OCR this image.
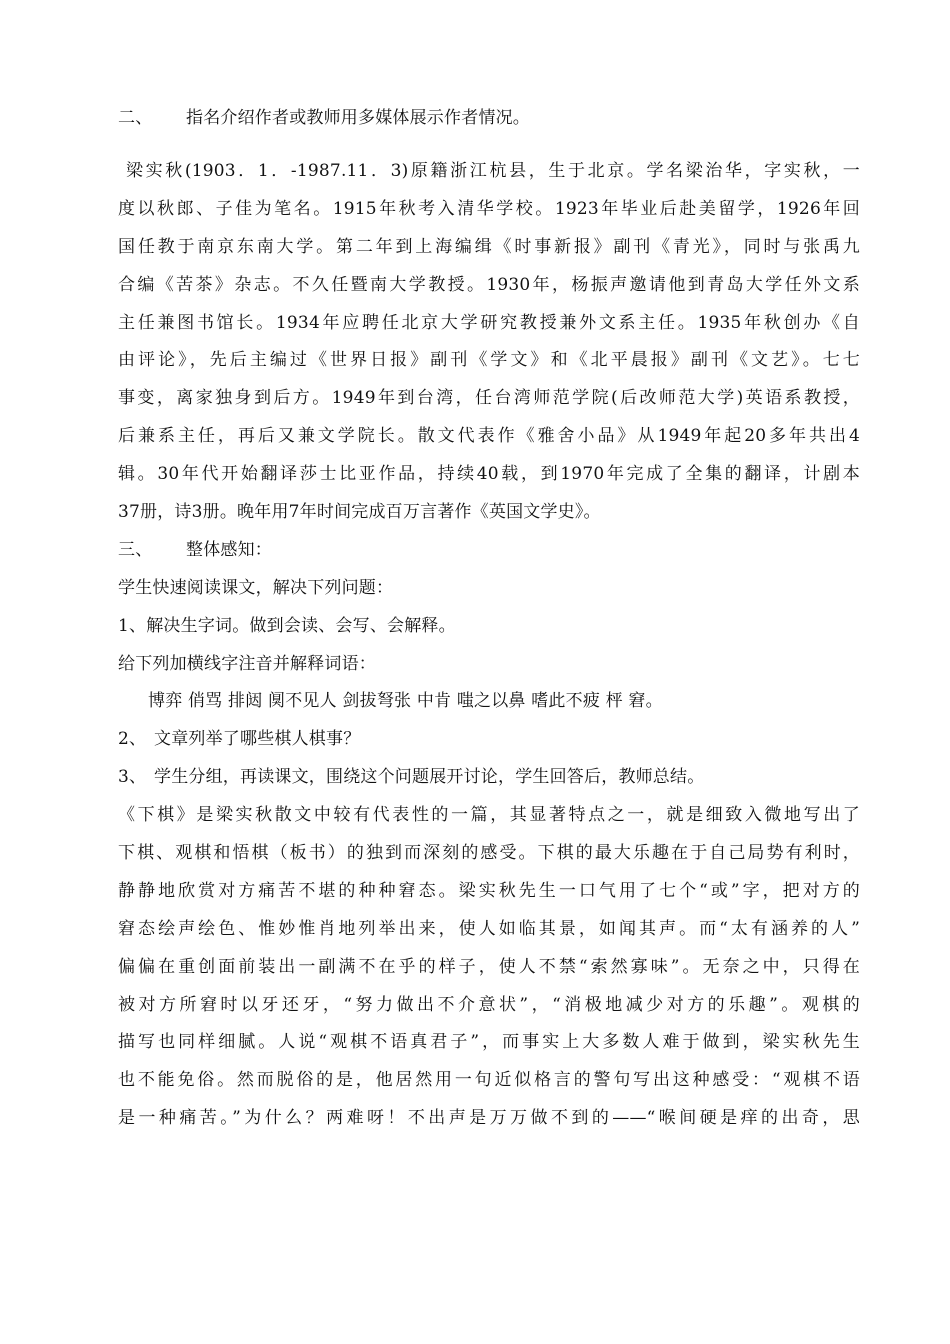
二、 指名介绍作者或教师用多媒体展示作者情况。
梁实秋(1903．1．-1987.11．3)原籍浙江杭县，生于北京。学名梁治华，字实秋，一
度以秋郎、子佳为笔名。1915年秋考入清华学校。1923年毕业后赴美留学，1926年回
国任教于南京东南大学。第二年到上海编缉《时事新报》副刊《青光》，同时与张禹九
合编《苦茶》杂志。不久任暨南大学教授。1930年，杨振声邀请他到青岛大学任外文系
主任兼图书馆长。1934年应聘任北京大学研究教授兼外文系主任。1935年秋创办《自
由评论》，先后主编过《世界日报》副刊《学文》和《北平晨报》副刊《文艺》。七七
事变，离家独身到后方。1949年到台湾，任台湾师范学院(后改师范大学)英语系教授，
后兼系主任，再后又兼文学院长。散文代表作《雅舍小品》从1949年起20多年共出4
辑。30年代开始翻译莎士比亚作品，持续40载，到1970年完成了全集的翻译，计剧本
37册，诗3册。晚年用7年时间完成百万言著作《英国文学史》。
三、 整体感知：
学生快速阅读课文，解决下列问题：
1、解决生字词。做到会读、会写、会解释。
给下列加横线字注音并解释词语：
博弈 俏骂 排闼 阒不见人 剑拔弩张 中肯 嗤之以鼻 嗜此不疲 枰 窘。
2、 文章列举了哪些棋人棋事？
3、 学生分组，再读课文，围绕这个问题展开讨论，学生回答后，教师总结。
《下棋》是梁实秋散文中较有代表性的一篇，其显著特点之一，就是细致入微地写出了
下棋、观棋和悟棋（板书）的独到而深刻的感受。下棋的最大乐趣在于自己局势有利时，
静静地欣赏对方痛苦不堪的种种窘态。梁实秋先生一口气用了七个“或”字，把对方的
窘态绘声绘色、惟妙惟肖地列举出来，使人如临其景，如闻其声。而“太有涵养的人”
偏偏在重创面前装出一副满不在乎的样子，使人不禁“索然寡味”。无奈之中，只得在
被对方所窘时以牙还牙，“努力做出不介意状”，“消极地减少对方的乐趣”。观棋的
描写也同样细腻。人说“观棋不语真君子”，而事实上大多数人难于做到，梁实秋先生
也不能免俗。然而脱俗的是，他居然用一句近似格言的警句写出这种感受：“观棋不语
是一种痛苦。”为什么？两难呀！不出声是万万做不到的——“喉间硬是痒的出奇，思
